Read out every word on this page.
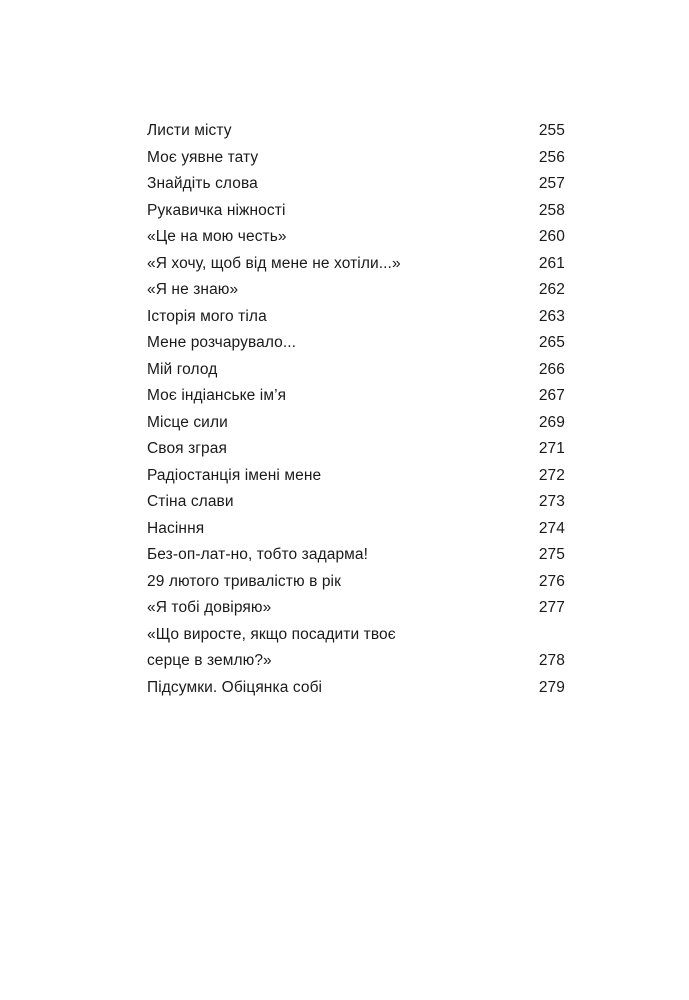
Листи місту	255
Моє уявне тату	256
Знайдіть слова	257
Рукавичка ніжності	258
«Це на мою честь»	260
«Я хочу, щоб від мене не хотіли...»	261
«Я не знаю»	262
Історія мого тіла	263
Мене розчарувало...	265
Мій голод	266
Моє індіанське ім’я	267
Місце сили	269
Своя зграя	271
Радіостанція імені мене	272
Стіна слави	273
Насіння	274
Без-оп-лат-но, тобто задарма!	275
29 лютого тривалістю в рік	276
«Я тобі довіряю»	277
«Що виросте, якщо посадити твоє
серце в землю?»	278
Підсумки. Обіцянка собі	279
